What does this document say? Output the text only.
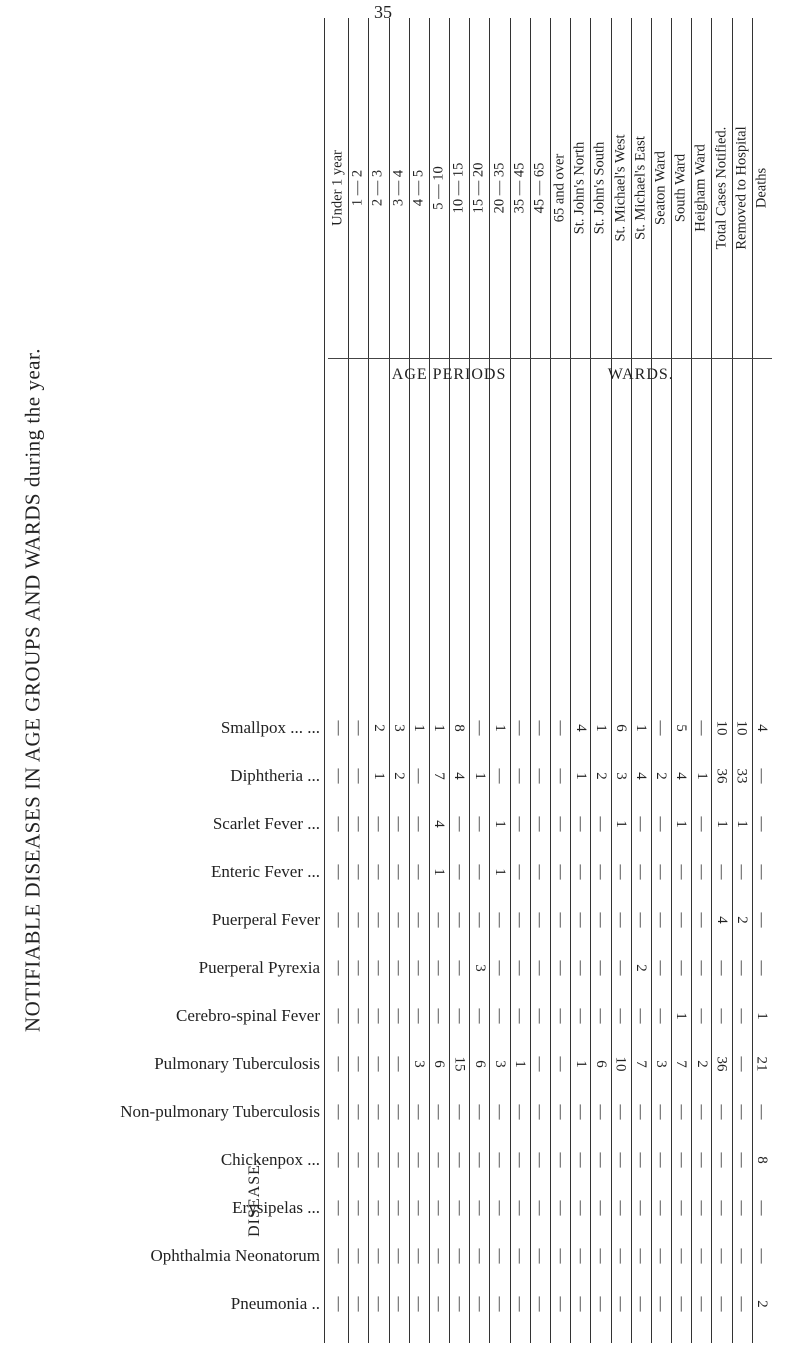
NOTIFIABLE DISEASES IN AGE GROUPS AND WARDS during the year.
35
DISEASE.
Smallpox ... ...
Diphtheria ...
Scarlet Fever ...
Enteric Fever ...
Puerperal Fever
Puerperal Pyrexia
Cerebro-spinal Fever
Pulmonary Tuberculosis
Non-pulmonary Tuberculosis
Chickenpox ...
Erysipelas ...
Ophthalmia Neonatorum
Pneumonia ..
Under 1 year
—
—
—
—
—
—
—
—
—
—
—
—
—
1 — 2
—
—
—
—
—
—
—
—
—
—
—
—
—
2 — 3
2
1
—
—
—
—
—
—
—
—
—
—
—
3 — 4
3
2
—
—
—
—
—
—
—
—
—
—
—
4 — 5
1
—
—
—
—
—
—
3
—
—
—
—
—
5 — 10
1
7
4
1
—
—
—
6
—
—
—
—
—
10 — 15
8
4
—
—
—
—
—
15
—
—
—
—
—
15 — 20
—
1
—
—
—
3
—
6
—
—
—
—
—
20 — 35
1
—
1
1
—
—
—
3
—
—
—
—
—
35 — 45
—
—
—
—
—
—
—
1
—
—
—
—
—
45 — 65
—
—
—
—
—
—
—
—
—
—
—
—
—
65 and over
—
—
—
—
—
—
—
—
—
—
—
—
—
St. John's North
4
1
—
—
—
—
—
1
—
—
—
—
—
St. John's South
1
2
—
—
—
—
—
6
—
—
—
—
—
St. Michael's West
6
3
1
—
—
—
—
10
—
—
—
—
—
St. Michael's East
1
4
—
—
—
2
—
7
—
—
—
—
—
Seaton Ward
—
2
—
—
—
—
—
3
—
—
—
—
—
South Ward
5
4
1
—
—
—
1
7
—
—
—
—
—
Heigham Ward
—
1
—
—
—
—
—
2
—
—
—
—
—
Total Cases Notified.
10
36
1
—
4
—
—
36
—
—
—
—
—
Removed to Hospital
10
33
1
—
2
—
—
—
—
—
—
—
—
Deaths
4
—
—
—
—
—
1
21
—
8
—
—
2
AGE PERIODS	WARDS.
